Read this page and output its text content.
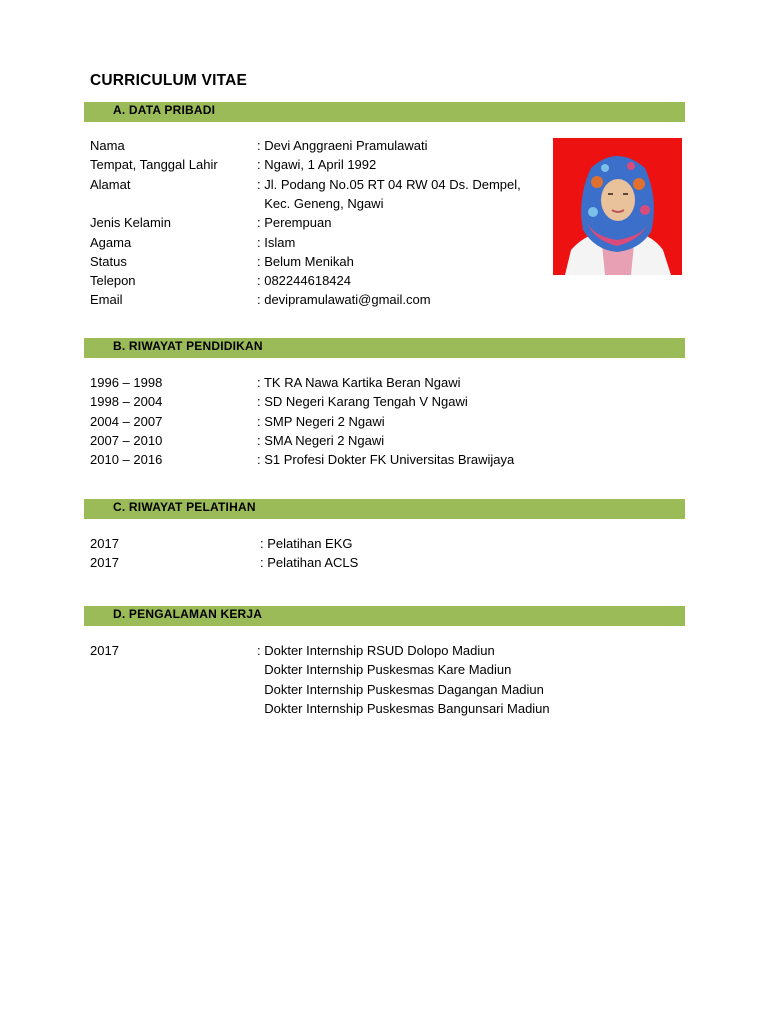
CURRICULUM VITAE
A. DATA PRIBADI
Nama	: Devi Anggraeni Pramulawati
Tempat, Tanggal Lahir	: Ngawi, 1 April 1992
Alamat	: Jl. Podang No.05 RT 04 RW 04 Ds. Dempel,
Kec. Geneng, Ngawi
Jenis Kelamin	: Perempuan
Agama	: Islam
Status	: Belum Menikah
Telepon	: 082244618424
Email	: devipramulawati@gmail.com
B. RIWAYAT PENDIDIKAN
1996 – 1998	: TK RA Nawa Kartika Beran Ngawi
1998 – 2004	: SD Negeri Karang Tengah V Ngawi
2004 – 2007	: SMP Negeri 2 Ngawi
2007 – 2010	: SMA Negeri 2 Ngawi
2010 – 2016	: S1 Profesi Dokter FK Universitas Brawijaya
C. RIWAYAT PELATIHAN
2017	: Pelatihan EKG
2017	: Pelatihan ACLS
D. PENGALAMAN KERJA
2017	: Dokter Internship RSUD Dolopo Madiun
Dokter Internship Puskesmas Kare Madiun
Dokter Internship Puskesmas Dagangan Madiun
Dokter Internship Puskesmas Bangunsari Madiun
